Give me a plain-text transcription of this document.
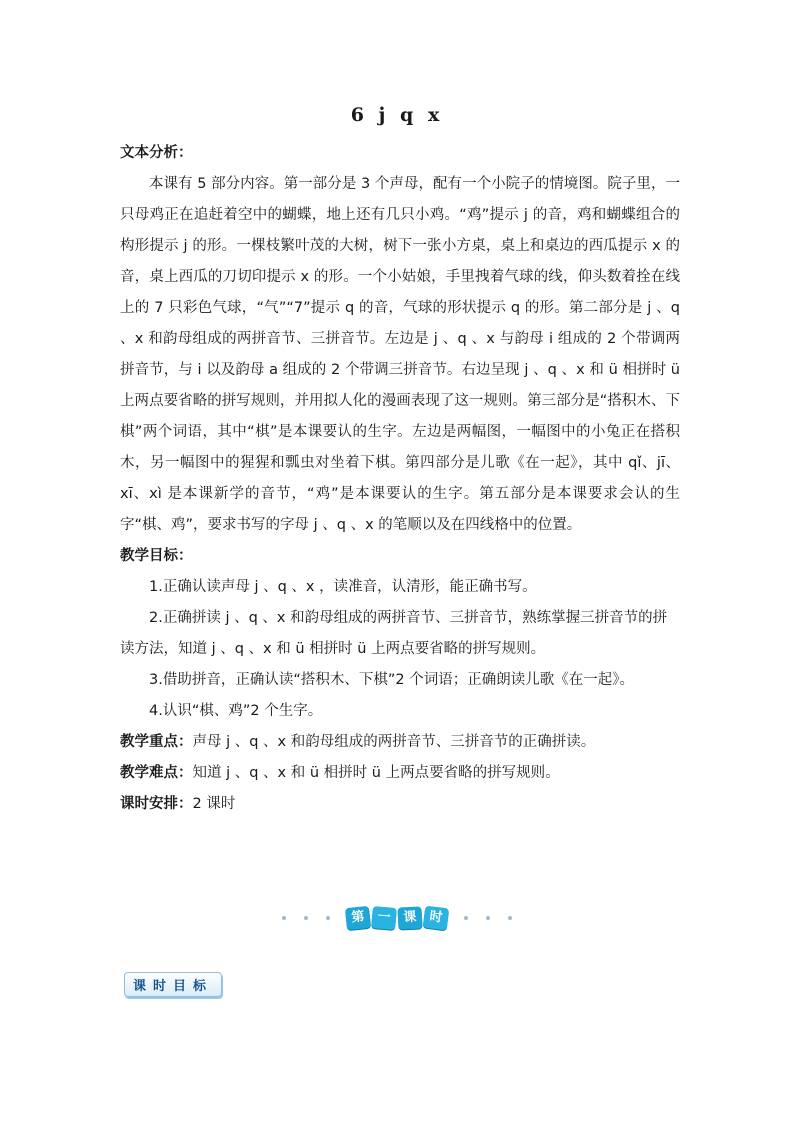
6 j q x

文本分析：

本课有 5 部分内容。第一部分是 3 个声母，配有一个小院子的情境图。院子里，一只母鸡正在追赶着空中的蝴蝶，地上还有几只小鸡。“鸡”提示 j 的音，鸡和蝴蝶组合的构形提示 j 的形。一棵枝繁叶茂的大树，树下一张小方桌，桌上和桌边的西瓜提示 x 的音，桌上西瓜的刀切印提示 x 的形。一个小姑娘，手里拽着气球的线，仰头数着拴在线上的 7 只彩色气球，“气”“7”提示 q 的音，气球的形状提示 q 的形。第二部分是 j 、q 、x 和韵母组成的两拼音节、三拼音节。左边是 j 、q 、x 与韵母 i 组成的 2 个带调两拼音节，与 i 以及韵母 a 组成的 2 个带调三拼音节。右边呈现 j 、q 、x 和 ü 相拼时 ü 上两点要省略的拼写规则，并用拟人化的漫画表现了这一规则。第三部分是“搭积木、下棋”两个词语，其中“棋”是本课要认的生字。左边是两幅图，一幅图中的小兔正在搭积木，另一幅图中的猩猩和瓢虫对坐着下棋。第四部分是儿歌《在一起》，其中 qǐ、jī、xī、xì 是本课新学的音节，“鸡”是本课要认的生字。第五部分是本课要求会认的生字“棋、鸡”，要求书写的字母 j 、q 、x 的笔顺以及在四线格中的位置。

教学目标：

1.正确认读声母 j 、q 、x ，读准音，认清形，能正确书写。

2.正确拼读 j 、q 、x 和韵母组成的两拼音节、三拼音节，熟练掌握三拼音节的拼读方法，知道 j 、q 、x 和 ü 相拼时 ü 上两点要省略的拼写规则。

3.借助拼音，正确认读“搭积木、下棋”2 个词语；正确朗读儿歌《在一起》。

4.认识“棋、鸡”2 个生字。

教学重点：声母 j 、q 、x 和韵母组成的两拼音节、三拼音节的正确拼读。

教学难点：知道 j 、q 、x 和 ü 相拼时 ü 上两点要省略的拼写规则。

课时安排：2 课时

第 一 课 时
课时目标
